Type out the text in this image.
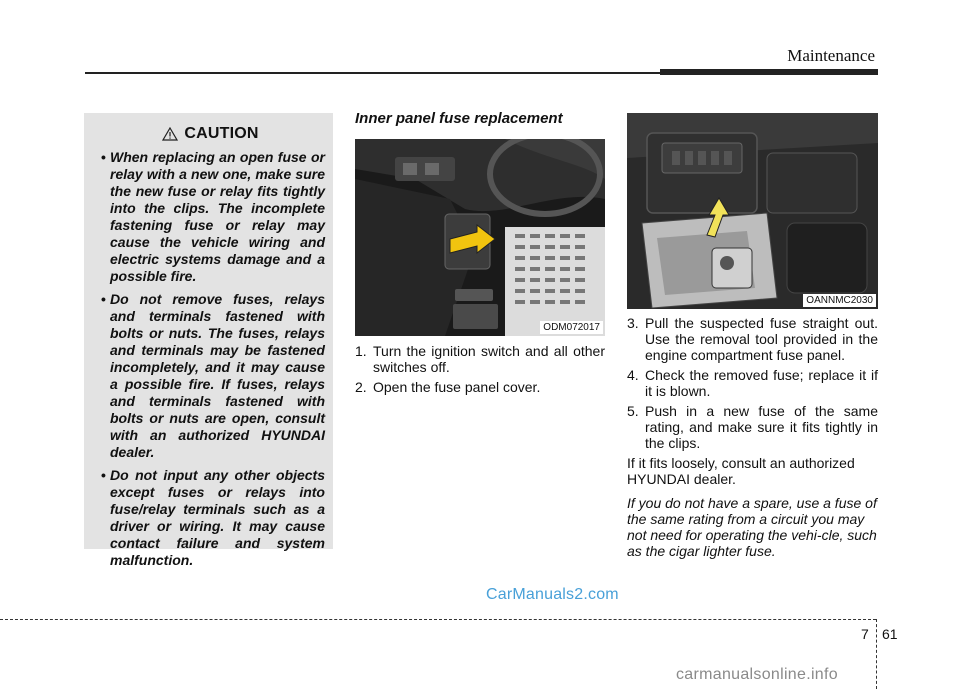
Maintenance
CAUTION
• When replacing an open fuse or relay with a new one, make sure the new fuse or relay fits tightly into the clips. The incomplete fastening fuse or relay may cause the vehicle wiring and electric systems damage and a possible fire.
• Do not remove fuses, relays and terminals fastened with bolts or nuts. The fuses, relays and terminals may be fastened incompletely, and it may cause a possible fire. If fuses, relays and terminals fastened with bolts or nuts are open, consult with an authorized HYUNDAI dealer.
• Do not input any other objects except fuses or relays into fuse/relay terminals such as a driver or wiring. It may cause contact failure and system malfunction.
Inner panel fuse replacement
ODM072017
1. Turn the ignition switch and all other switches off.
2. Open the fuse panel cover.
OANNMC2030
3. Pull the suspected fuse straight out. Use the removal tool provided in the engine compartment fuse panel.
4. Check the removed fuse; replace it if it is blown.
5. Push in a new fuse of the same rating, and make sure it fits tightly in the clips.
If it fits loosely, consult an authorized HYUNDAI dealer.
If you do not have a spare, use a fuse of the same rating from a circuit you may not need for operating the vehi-cle, such as the cigar lighter fuse.
CarManuals2.com
7 61
carmanualsonline.info
